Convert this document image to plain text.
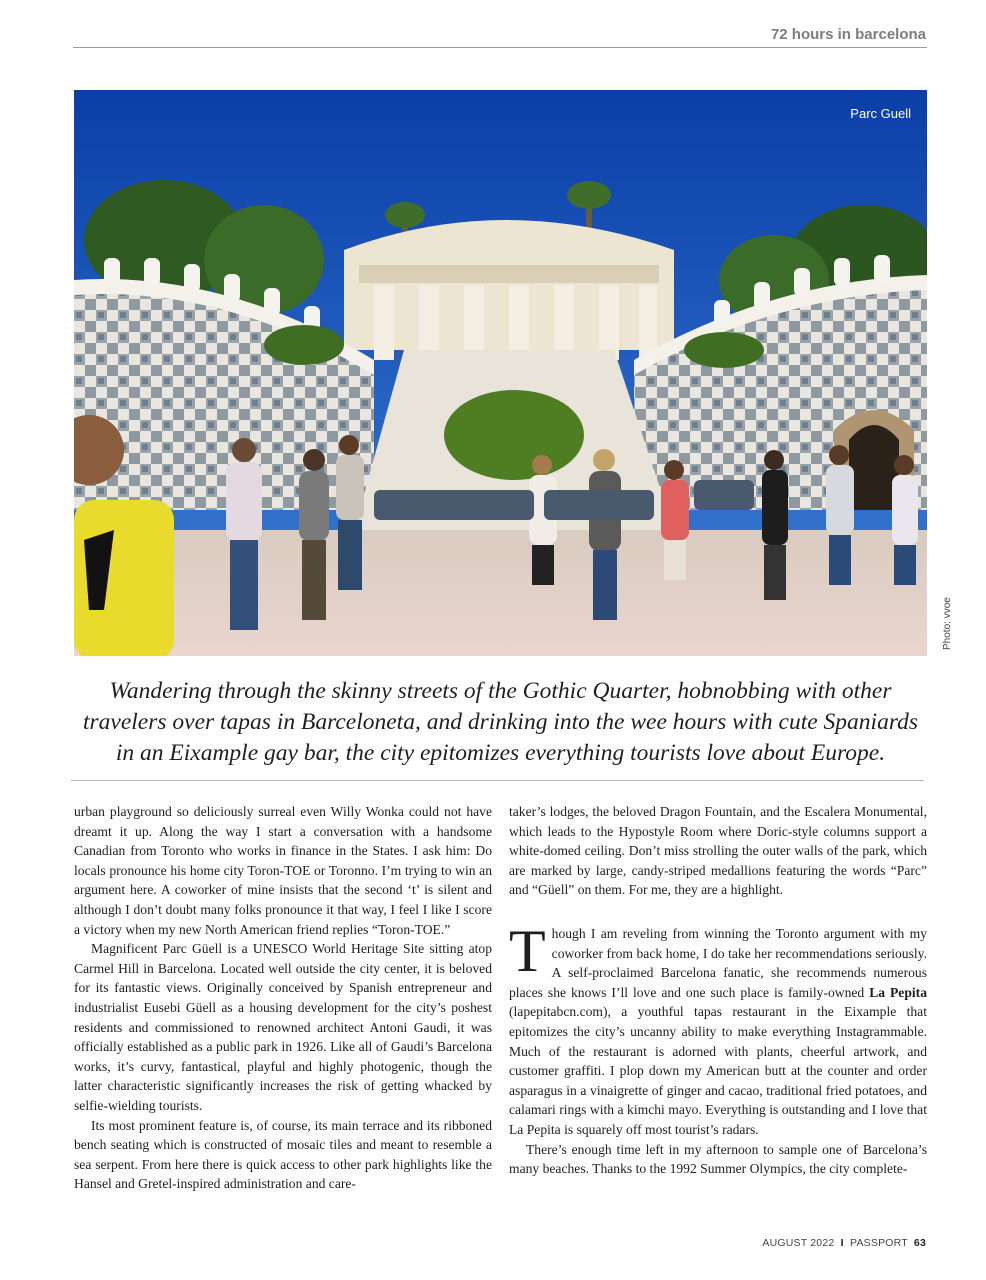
72 hours in barcelona
Parc Guell
Photo: vvoe

Wandering through the skinny streets of the Gothic Quarter, hobnobbing with other travelers over tapas in Barceloneta, and drinking into the wee hours with cute Spaniards in an Eixample gay bar, the city epitomizes everything tourists love about Europe.

urban playground so deliciously surreal even Willy Wonka could not have dreamt it up. Along the way I start a conversation with a handsome Canadian from Toronto who works in finance in the States. I ask him: Do locals pronounce his home city Toron-TOE or Toronno. I’m trying to win an argument here. A coworker of mine insists that the second ‘t’ is silent and although I don’t doubt many folks pronounce it that way, I feel I like I score a victory when my new North American friend replies “Toron-TOE.”

Magnificent Parc Güell is a UNESCO World Heritage Site sitting atop Carmel Hill in Barcelona. Located well outside the city center, it is beloved for its fantastic views. Originally conceived by Spanish entrepreneur and industrialist Eusebi Güell as a housing development for the city’s poshest residents and commissioned to renowned architect Antoni Gaudi, it was officially established as a public park in 1926. Like all of Gaudi’s Barcelona works, it’s curvy, fantastical, playful and highly photogenic, though the latter characteristic significantly increases the risk of getting whacked by selfie-wielding tourists.

Its most prominent feature is, of course, its main terrace and its ribboned bench seating which is constructed of mosaic tiles and meant to resemble a sea serpent. From here there is quick access to other park highlights like the Hansel and Gretel-inspired administration and care-

taker’s lodges, the beloved Dragon Fountain, and the Escalera Monumental, which leads to the Hypostyle Room where Doric-style columns support a white-domed ceiling. Don’t miss strolling the outer walls of the park, which are marked by large, candy-striped medallions featuring the words “Parc” and “Güell” on them. For me, they are a highlight.

Though I am reveling from winning the Toronto argument with my coworker from back home, I do take her recommendations seriously. A self-proclaimed Barcelona fanatic, she recommends numerous places she knows I’ll love and one such place is family-owned La Pepita (lapepitabcn.com), a youthful tapas restaurant in the Eixample that epitomizes the city’s uncanny ability to make everything Instagrammable. Much of the restaurant is adorned with plants, cheerful artwork, and customer graffiti. I plop down my American butt at the counter and order asparagus in a vinaigrette of ginger and cacao, traditional fried potatoes, and calamari rings with a kimchi mayo. Everything is outstanding and I love that La Pepita is squarely off most tourist’s radars.

There’s enough time left in my afternoon to sample one of Barcelona’s many beaches. Thanks to the 1992 Summer Olympics, the city complete-

AUGUST 2022 I PASSPORT 63
